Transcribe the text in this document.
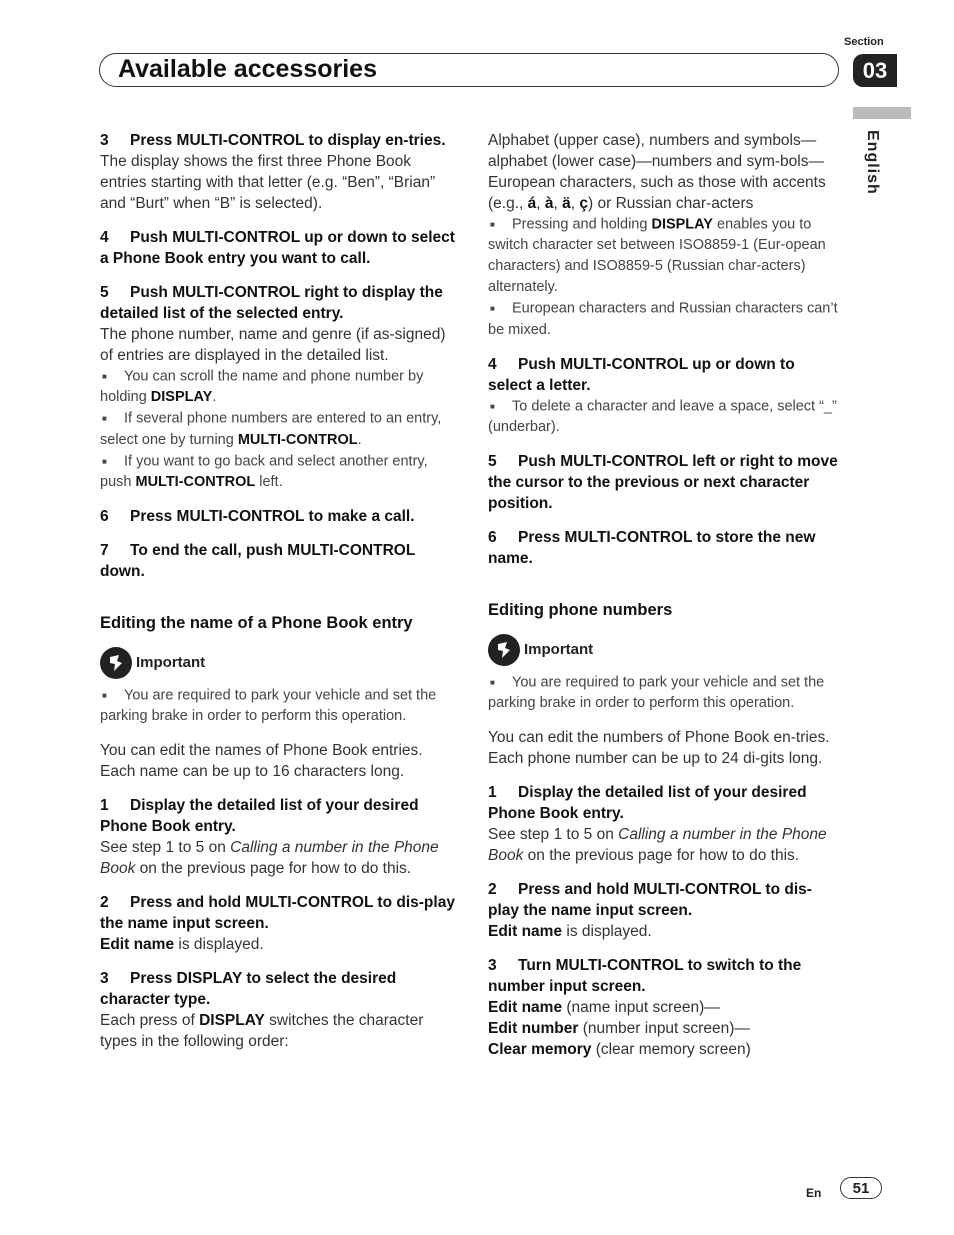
Available accessories
Section
03
English

3 Press MULTI-CONTROL to display en-tries.

The display shows the first three Phone Book entries starting with that letter (e.g. “Ben”, “Brian” and “Burt” when “B” is selected).

4 Push MULTI-CONTROL up or down to select a Phone Book entry you want to call.

5 Push MULTI-CONTROL right to display the detailed list of the selected entry.

The phone number, name and genre (if as-signed) of entries are displayed in the detailed list.

■ You can scroll the name and phone number by holding DISPLAY.

■ If several phone numbers are entered to an entry, select one by turning MULTI-CONTROL.

■ If you want to go back and select another entry, push MULTI-CONTROL left.

6 Press MULTI-CONTROL to make a call.

7 To end the call, push MULTI-CONTROL down.

Editing the name of a Phone Book entry

Important

■ You are required to park your vehicle and set the parking brake in order to perform this operation.

You can edit the names of Phone Book entries. Each name can be up to 16 characters long.

1 Display the detailed list of your desired Phone Book entry.

See step 1 to 5 on Calling a number in the Phone Book on the previous page for how to do this.

2 Press and hold MULTI-CONTROL to dis-play the name input screen.

Edit name is displayed.

3 Press DISPLAY to select the desired character type.

Each press of DISPLAY switches the character types in the following order:

Alphabet (upper case), numbers and symbols—alphabet (lower case)—numbers and sym-bols—European characters, such as those with accents (e.g., á, à, ä, ç) or Russian char-acters

■ Pressing and holding DISPLAY enables you to switch character set between ISO8859-1 (Eur-opean characters) and ISO8859-5 (Russian char-acters) alternately.

■ European characters and Russian characters can’t be mixed.

4 Push MULTI-CONTROL up or down to select a letter.

■ To delete a character and leave a space, select “_” (underbar).

5 Push MULTI-CONTROL left or right to move the cursor to the previous or next character position.

6 Press MULTI-CONTROL to store the new name.

Editing phone numbers

Important

■ You are required to park your vehicle and set the parking brake in order to perform this operation.

You can edit the numbers of Phone Book en-tries. Each phone number can be up to 24 di-gits long.

1 Display the detailed list of your desired Phone Book entry.

See step 1 to 5 on Calling a number in the Phone Book on the previous page for how to do this.

2 Press and hold MULTI-CONTROL to dis-play the name input screen.

Edit name is displayed.

3 Turn MULTI-CONTROL to switch to the number input screen.

Edit name (name input screen)—

Edit number (number input screen)—

Clear memory (clear memory screen)

En	51
